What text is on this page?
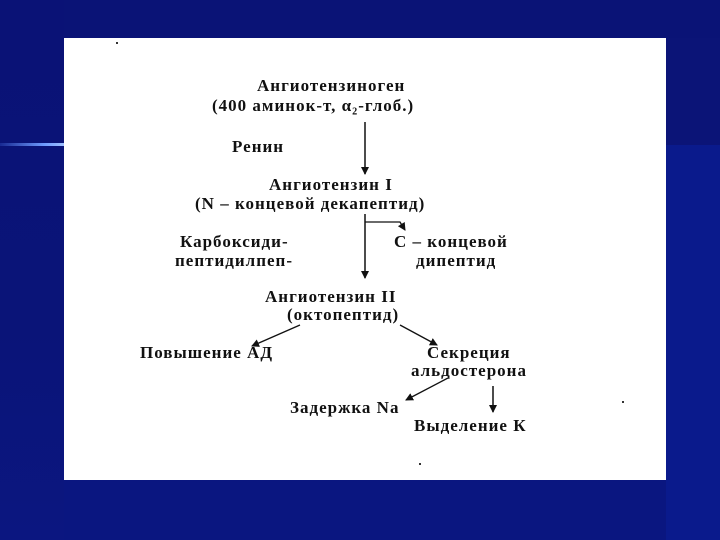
Ангиотензиноген

(400 аминок-т, α₂-глоб.)

Ренин

Ангиотензин I

(N – концевой декапептид)

Карбоксиди-

пептидилпеп-

С – концевой

дипептид

Ангиотензин II

(октопептид)

Повышение АД	Секреция

альдостерона

Задержка Na

Выделение К
